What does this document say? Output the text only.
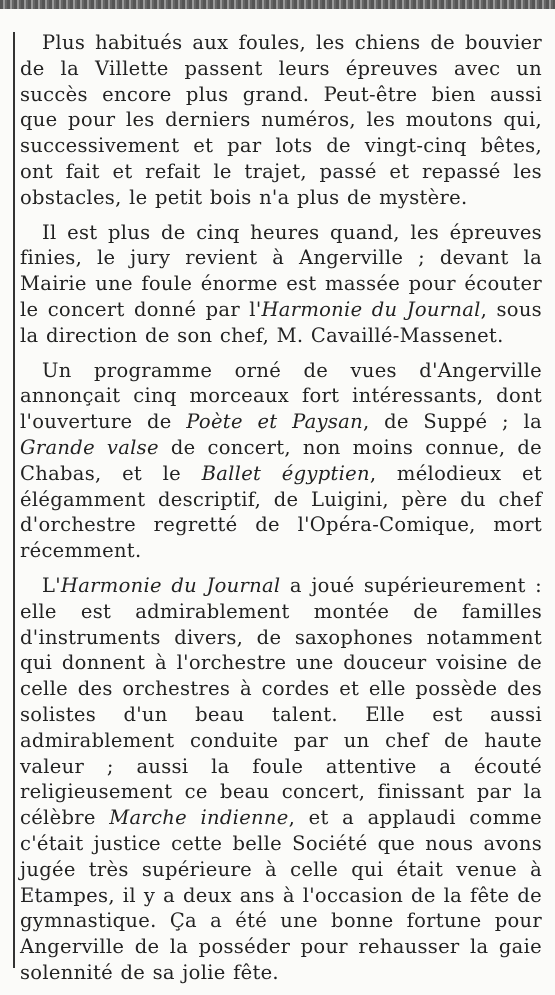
Plus habitués aux foules, les chiens de bouvier de la Villette passent leurs épreuves avec un succès encore plus grand. Peut-être bien aussi que pour les derniers numéros, les moutons qui, successivement et par lots de vingt-cinq bêtes, ont fait et refait le trajet, passé et repassé les obstacles, le petit bois n'a plus de mystère.

Il est plus de cinq heures quand, les épreuves finies, le jury revient à Angerville ; devant la Mairie une foule énorme est massée pour écouter le concert donné par l'Harmonie du Journal, sous la direction de son chef, M. Cavaillé-Massenet.

Un programme orné de vues d'Angerville annonçait cinq morceaux fort intéressants, dont l'ouverture de Poète et Paysan, de Suppé ; la Grande valse de concert, non moins connue, de Chabas, et le Ballet égyptien, mélodieux et élégamment descriptif, de Luigini, père du chef d'orchestre regretté de l'Opéra-Comique, mort récemment.

L'Harmonie du Journal a joué supérieurement : elle est admirablement montée de familles d'instruments divers, de saxophones notamment qui donnent à l'orchestre une douceur voisine de celle des orchestres à cordes et elle possède des solistes d'un beau talent. Elle est aussi admirablement conduite par un chef de haute valeur ; aussi la foule attentive a écouté religieusement ce beau concert, finissant par la célèbre Marche indienne, et a applaudi comme c'était justice cette belle Société que nous avons jugée très supérieure à celle qui était venue à Etampes, il y a deux ans à l'occasion de la fête de gymnastique. Ça a été une bonne fortune pour Angerville de la posséder pour rehausser la gaie solennité de sa jolie fête.
